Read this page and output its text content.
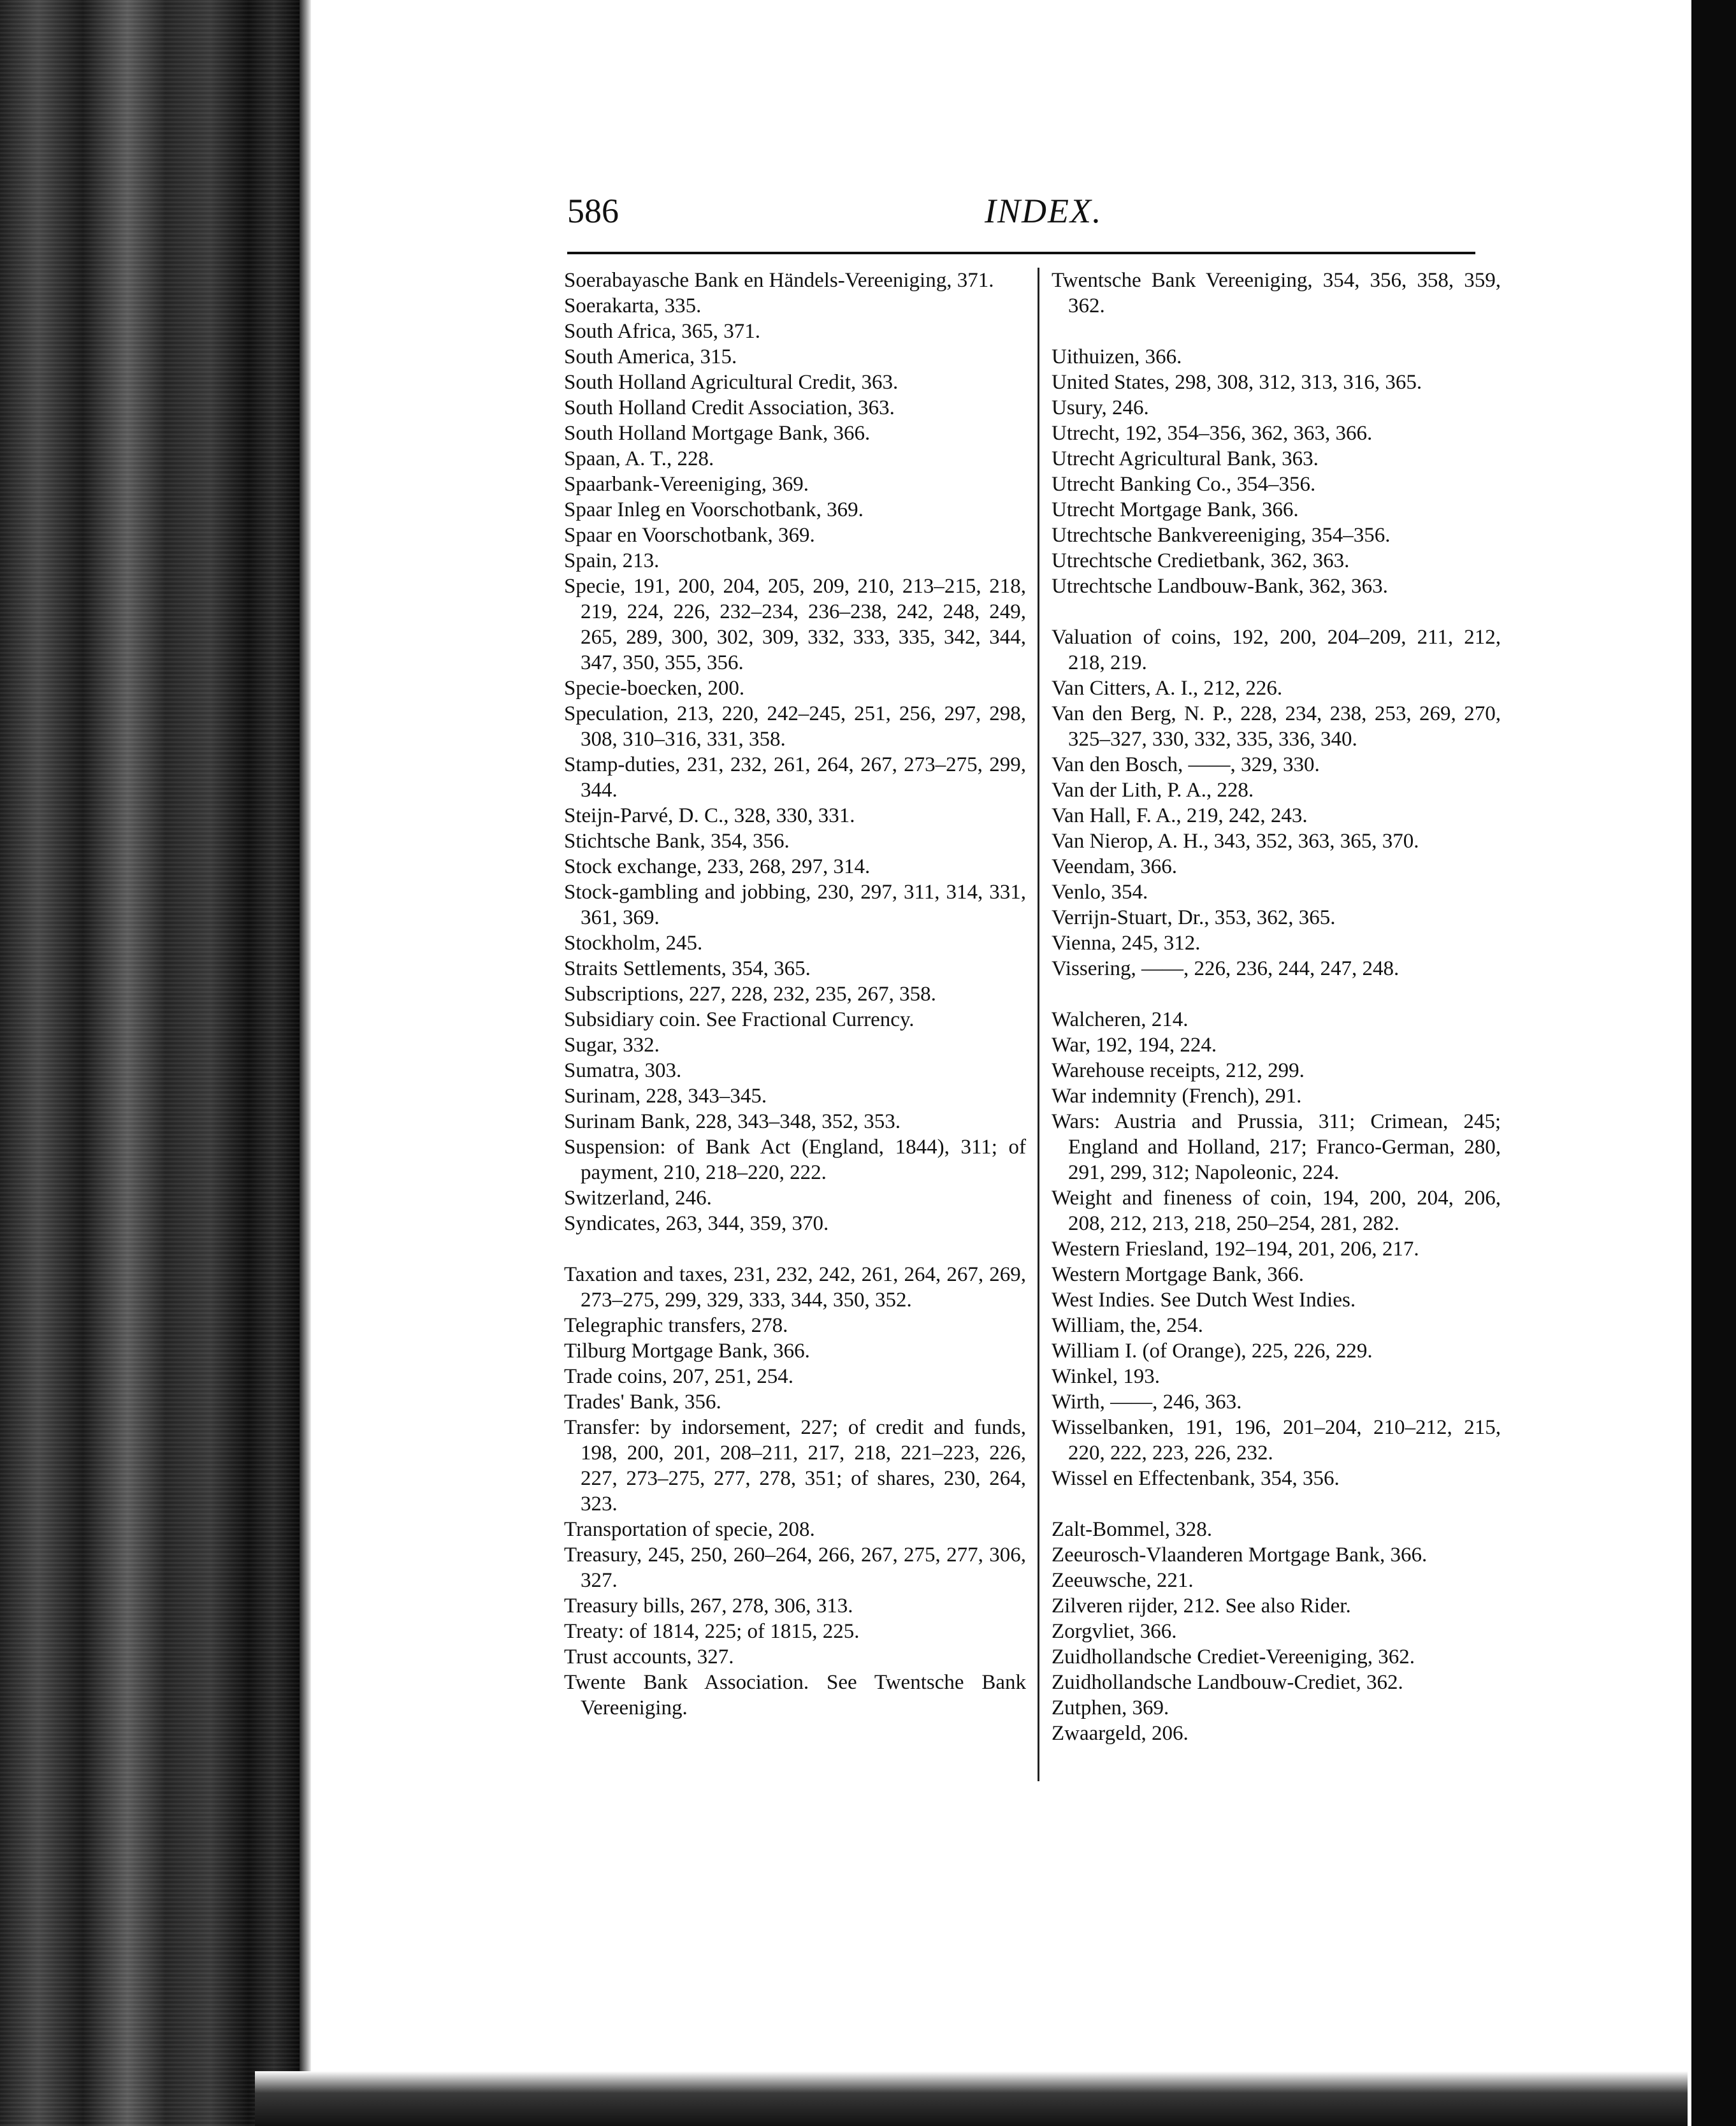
586	INDEX.
Soerabayasche Bank en Händels-Vereeniging, 371.
Soerakarta, 335.
South Africa, 365, 371.
South America, 315.
South Holland Agricultural Credit, 363.
South Holland Credit Association, 363.
South Holland Mortgage Bank, 366.
Spaan, A. T., 228.
Spaarbank-Vereeniging, 369.
Spaar Inleg en Voorschotbank, 369.
Spaar en Voorschotbank, 369.
Spain, 213.
Specie, 191, 200, 204, 205, 209, 210, 213–215, 218, 219, 224, 226, 232–234, 236–238, 242, 248, 249, 265, 289, 300, 302, 309, 332, 333, 335, 342, 344, 347, 350, 355, 356.
Specie-boecken, 200.
Speculation, 213, 220, 242–245, 251, 256, 297, 298, 308, 310–316, 331, 358.
Stamp-duties, 231, 232, 261, 264, 267, 273–275, 299, 344.
Steijn-Parvé, D. C., 328, 330, 331.
Stichtsche Bank, 354, 356.
Stock exchange, 233, 268, 297, 314.
Stock-gambling and jobbing, 230, 297, 311, 314, 331, 361, 369.
Stockholm, 245.
Straits Settlements, 354, 365.
Subscriptions, 227, 228, 232, 235, 267, 358.
Subsidiary coin. See Fractional Currency.
Sugar, 332.
Sumatra, 303.
Surinam, 228, 343–345.
Surinam Bank, 228, 343–348, 352, 353.
Suspension: of Bank Act (England, 1844), 311; of payment, 210, 218–220, 222.
Switzerland, 246.
Syndicates, 263, 344, 359, 370.
Taxation and taxes, 231, 232, 242, 261, 264, 267, 269, 273–275, 299, 329, 333, 344, 350, 352.
Telegraphic transfers, 278.
Tilburg Mortgage Bank, 366.
Trade coins, 207, 251, 254.
Trades' Bank, 356.
Transfer: by indorsement, 227; of credit and funds, 198, 200, 201, 208–211, 217, 218, 221–223, 226, 227, 273–275, 277, 278, 351; of shares, 230, 264, 323.
Transportation of specie, 208.
Treasury, 245, 250, 260–264, 266, 267, 275, 277, 306, 327.
Treasury bills, 267, 278, 306, 313.
Treaty: of 1814, 225; of 1815, 225.
Trust accounts, 327.
Twente Bank Association. See Twentsche Bank Vereeniging.
Twentsche Bank Vereeniging, 354, 356, 358, 359, 362.
Uithuizen, 366.
United States, 298, 308, 312, 313, 316, 365.
Usury, 246.
Utrecht, 192, 354–356, 362, 363, 366.
Utrecht Agricultural Bank, 363.
Utrecht Banking Co., 354–356.
Utrecht Mortgage Bank, 366.
Utrechtsche Bankvereeniging, 354–356.
Utrechtsche Credietbank, 362, 363.
Utrechtsche Landbouw-Bank, 362, 363.
Valuation of coins, 192, 200, 204–209, 211, 212, 218, 219.
Van Citters, A. I., 212, 226.
Van den Berg, N. P., 228, 234, 238, 253, 269, 270, 325–327, 330, 332, 335, 336, 340.
Van den Bosch, ——, 329, 330.
Van der Lith, P. A., 228.
Van Hall, F. A., 219, 242, 243.
Van Nierop, A. H., 343, 352, 363, 365, 370.
Veendam, 366.
Venlo, 354.
Verrijn-Stuart, Dr., 353, 362, 365.
Vienna, 245, 312.
Vissering, ——, 226, 236, 244, 247, 248.
Walcheren, 214.
War, 192, 194, 224.
Warehouse receipts, 212, 299.
War indemnity (French), 291.
Wars: Austria and Prussia, 311; Crimean, 245; England and Holland, 217; Franco-German, 280, 291, 299, 312; Napoleonic, 224.
Weight and fineness of coin, 194, 200, 204, 206, 208, 212, 213, 218, 250–254, 281, 282.
Western Friesland, 192–194, 201, 206, 217.
Western Mortgage Bank, 366.
West Indies. See Dutch West Indies.
William, the, 254.
William I. (of Orange), 225, 226, 229.
Winkel, 193.
Wirth, ——, 246, 363.
Wisselbanken, 191, 196, 201–204, 210–212, 215, 220, 222, 223, 226, 232.
Wissel en Effectenbank, 354, 356.
Zalt-Bommel, 328.
Zeeurosch-Vlaanderen Mortgage Bank, 366.
Zeeuwsche, 221.
Zilveren rijder, 212. See also Rider.
Zorgvliet, 366.
Zuidhollandsche Crediet-Vereeniging, 362.
Zuidhollandsche Landbouw-Crediet, 362.
Zutphen, 369.
Zwaargeld, 206.
